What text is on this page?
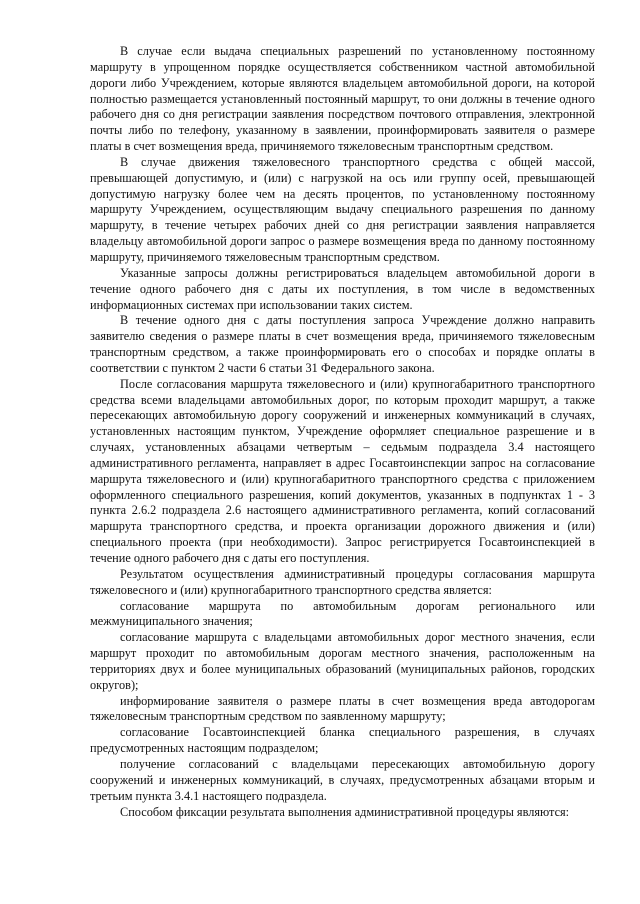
В случае если выдача специальных разрешений по установленному постоянному маршруту в упрощенном порядке осуществляется собственником частной автомобильной дороги либо Учреждением, которые являются владельцем автомобильной дороги, на которой полностью размещается установленный постоянный маршрут, то они должны в течение одного рабочего дня со дня регистрации заявления посредством почтового отправления, электронной почты либо по телефону, указанному в заявлении, проинформировать заявителя о размере платы в счет возмещения вреда, причиняемого тяжеловесным транспортным средством.

В случае движения тяжеловесного транспортного средства с общей массой, превышающей допустимую, и (или) с нагрузкой на ось или группу осей, превышающей допустимую нагрузку более чем на десять процентов, по установленному постоянному маршруту Учреждением, осуществляющим выдачу специального разрешения по данному маршруту, в течение четырех рабочих дней со дня регистрации заявления направляется владельцу автомобильной дороги запрос о размере возмещения вреда по данному постоянному маршруту, причиняемого тяжеловесным транспортным средством.

Указанные запросы должны регистрироваться владельцем автомобильной дороги в течение одного рабочего дня с даты их поступления, в том числе в ведомственных информационных системах при использовании таких систем.

В течение одного дня с даты поступления запроса Учреждение должно направить заявителю сведения о размере платы в счет возмещения вреда, причиняемого тяжеловесным транспортным средством, а также проинформировать его о способах и порядке оплаты в соответствии с пунктом 2 части 6 статьи 31 Федерального закона.

После согласования маршрута тяжеловесного и (или) крупногабаритного транспортного средства всеми владельцами автомобильных дорог, по которым проходит маршрут, а также пересекающих автомобильную дорогу сооружений и инженерных коммуникаций в случаях, установленных настоящим пунктом, Учреждение оформляет специальное разрешение и в случаях, установленных абзацами четвертым – седьмым подраздела 3.4 настоящего административного регламента, направляет в адрес Госавтоинспекции запрос на согласование маршрута тяжеловесного и (или) крупногабаритного транспортного средства с приложением оформленного специального разрешения, копий документов, указанных в подпунктах 1 - 3 пункта 2.6.2 подраздела 2.6 настоящего административного регламента, копий согласований маршрута транспортного средства, и проекта организации дорожного движения и (или) специального проекта (при необходимости). Запрос регистрируется Госавтоинспекцией в течение одного рабочего дня с даты его поступления.

Результатом осуществления административный процедуры согласования маршрута тяжеловесного и (или) крупногабаритного транспортного средства является:

согласование маршрута по автомобильным дорогам регионального или межмуниципального значения;

согласование маршрута с владельцами автомобильных дорог местного значения, если маршрут проходит по автомобильным дорогам местного значения, расположенным на территориях двух и более муниципальных образований (муниципальных районов, городских округов);

информирование заявителя о размере платы в счет возмещения вреда автодорогам тяжеловесным транспортным средством по заявленному маршруту;

согласование Госавтоинспекцией бланка специального разрешения, в случаях предусмотренных настоящим подразделом;

получение согласований с владельцами пересекающих автомобильную дорогу сооружений и инженерных коммуникаций, в случаях, предусмотренных абзацами вторым и третьим пункта 3.4.1 настоящего подраздела.

Способом фиксации результата выполнения административной процедуры являются:
